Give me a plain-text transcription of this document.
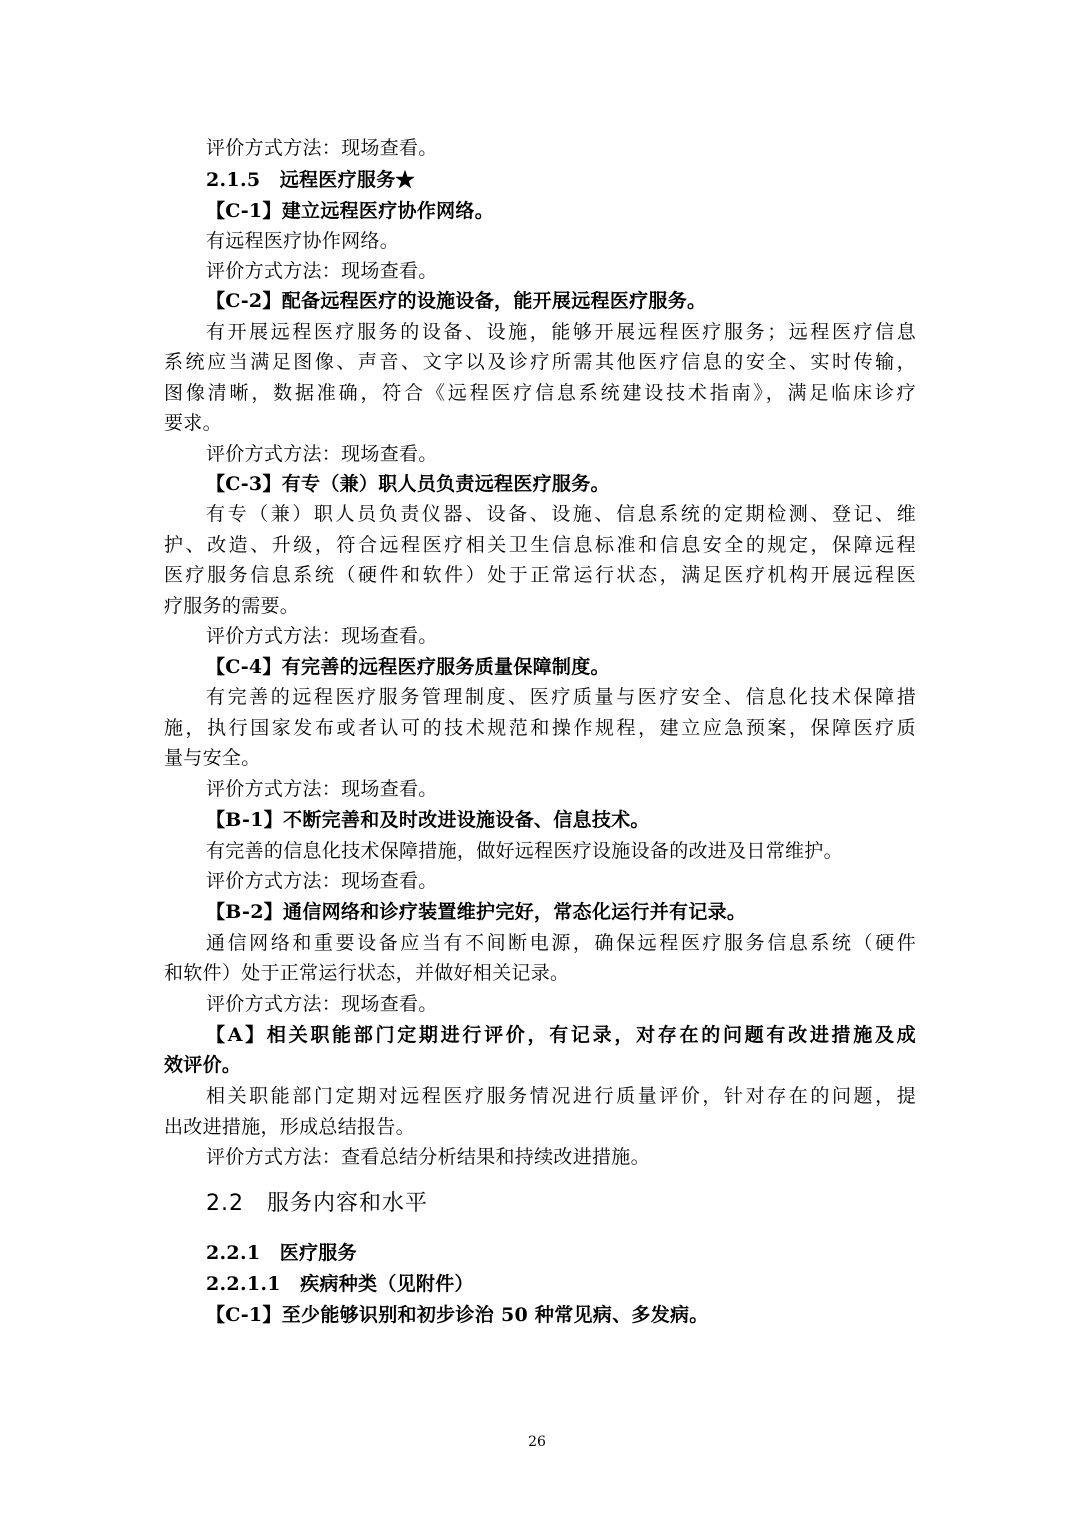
评价方式方法：现场查看。
2.1.5　远程医疗服务★
【C-1】建立远程医疗协作网络。
有远程医疗协作网络。
评价方式方法：现场查看。
【C-2】配备远程医疗的设施设备，能开展远程医疗服务。
有开展远程医疗服务的设备、设施，能够开展远程医疗服务；远程医疗信息
系统应当满足图像、声音、文字以及诊疗所需其他医疗信息的安全、实时传输，
图像清晰，数据准确，符合《远程医疗信息系统建设技术指南》，满足临床诊疗
要求。
评价方式方法：现场查看。
【C-3】有专（兼）职人员负责远程医疗服务。
有专（兼）职人员负责仪器、设备、设施、信息系统的定期检测、登记、维
护、改造、升级，符合远程医疗相关卫生信息标准和信息安全的规定，保障远程
医疗服务信息系统（硬件和软件）处于正常运行状态，满足医疗机构开展远程医
疗服务的需要。
评价方式方法：现场查看。
【C-4】有完善的远程医疗服务质量保障制度。
有完善的远程医疗服务管理制度、医疗质量与医疗安全、信息化技术保障措
施，执行国家发布或者认可的技术规范和操作规程，建立应急预案，保障医疗质
量与安全。
评价方式方法：现场查看。
【B-1】不断完善和及时改进设施设备、信息技术。
有完善的信息化技术保障措施，做好远程医疗设施设备的改进及日常维护。
评价方式方法：现场查看。
【B-2】通信网络和诊疗装置维护完好，常态化运行并有记录。
通信网络和重要设备应当有不间断电源，确保远程医疗服务信息系统（硬件
和软件）处于正常运行状态，并做好相关记录。
评价方式方法：现场查看。
【A】相关职能部门定期进行评价，有记录，对存在的问题有改进措施及成
效评价。
相关职能部门定期对远程医疗服务情况进行质量评价，针对存在的问题，提
出改进措施，形成总结报告。
评价方式方法：查看总结分析结果和持续改进措施。
2.2　服务内容和水平
2.2.1　医疗服务
2.2.1.1　疾病种类（见附件）
【C-1】至少能够识别和初步诊治 50 种常见病、多发病。
26
